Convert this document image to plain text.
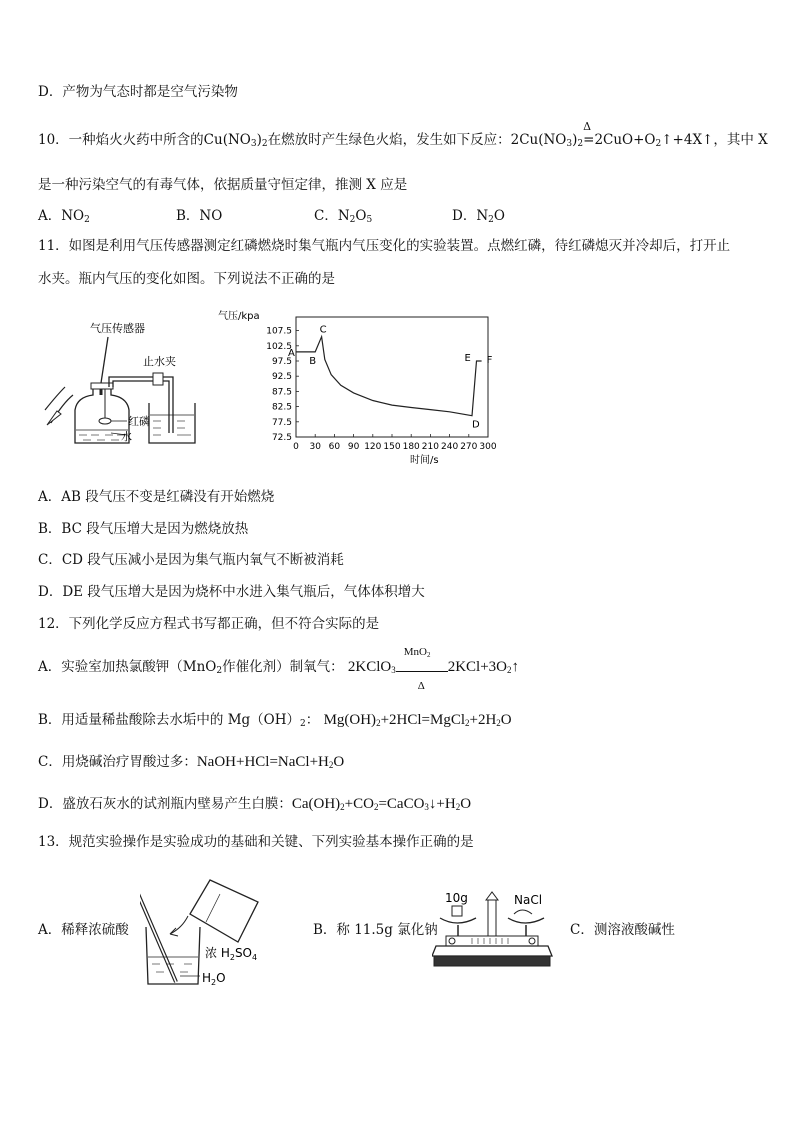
D．产物为气态时都是空气污染物
10．一种焰火火药中所含的$Cu(NO_3)_2$在燃放时产生绿色火焰，发生如下反应：$2Cu(NO_3)_2$
Δ
$=2CuO+O_2↑+4X↑$，其中 X
是一种污染空气的有毒气体，依据质量守恒定律，推测 X 应是
A．$NO_2$	B．NO	C．$N_2O_5$	D．$N_2O$
11．如图是利用气压传感器测定红磷燃烧时集气瓶内气压变化的实验装置。点燃红磷，待红磷熄灭并冷却后，打开止
水夹。瓶内气压的变化如图。下列说法不正确的是
气压传感器
红磷
水
止水夹
气压/kpa
时间/s
107.5
102.5
97.5
92.5
87.5
82.5
77.5
72.5
0 30 60 90 120 150 180 210 240 270 300
A
B
C
D
E F
A．AB 段气压不变是红磷没有开始燃烧
B．BC 段气压增大是因为燃烧放热
C．CD 段气压减小是因为集气瓶内氧气不断被消耗
D．DE 段气压增大是因为烧杯中水进入集气瓶后，气体体积增大
12．下列化学反应方程式书写都正确，但不符合实际的是
A．实验室加热氯酸钾（MnO$_2$作催化剂）制氧气： 2KClO$_3$
MnO$_2$
Δ
$2KCl+3O_2↑$
B．用适量稀盐酸除去水垢中的 $Mg(OH)_2$： $Mg(OH)_2+2HCl=MgCl_2+2H_2O$
C．用烧碱治疗胃酸过多：$NaOH+HCl=NaCl+H_2O$
D．盛放石灰水的试剂瓶内壁易产生白膜：$Ca(OH)_2+CO_2=CaCO_3↓+H_2O$
13．规范实验操作是实验成功的基础和关键、下列实验基本操作正确的是
A．稀释浓硫酸
浓 $H_2SO_4$
$H_2O$
B．称 11.5g 氯化钠
10g	NaCl
C．测溶液酸碱性
